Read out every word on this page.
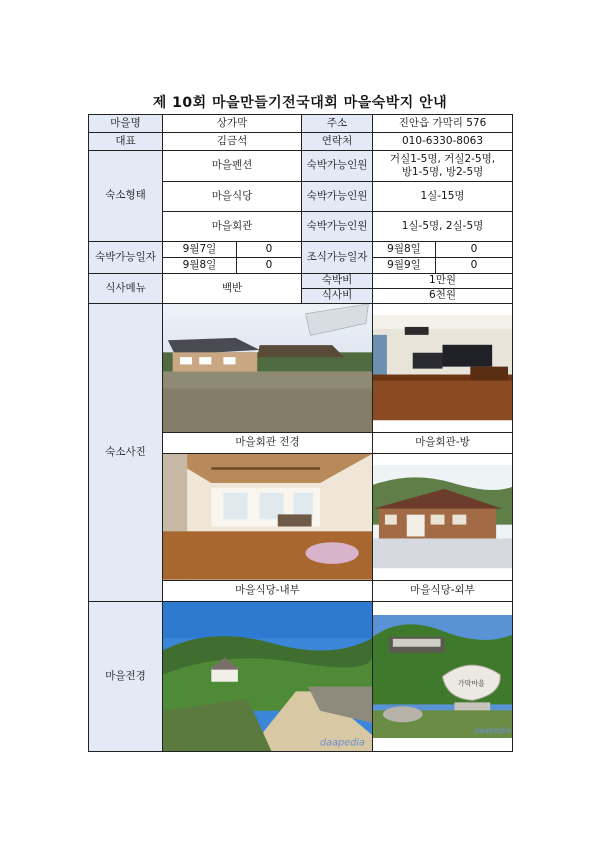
제 10회 마을만들기전국대회 마을숙박지 안내
마을명	상가막		주소	진안읍 가막리 576	
대표	김금석		연락처	010-6330-8063	
숙소형태	마을펜션		숙박가능인원	거실1-5명, 거실2-5명,
방1-5명, 방2-5명	
	마을식당		숙박가능인원	1실-15명	
	마을회관		숙박가능인원	1실-5명, 2실-5명	
숙박가능일자	9월7일	0	조식가능일자	9월8일	0
	9월8일	0		9월9일	0
식사메뉴	백반		숙박비	1만원	
			식사비	6천원	
숙소사진	

	마을회관 전경			마을회관-방	

	마을식당-내부			마을식당-외부	
마을전경	daapedia			가막마을
daapedia	
